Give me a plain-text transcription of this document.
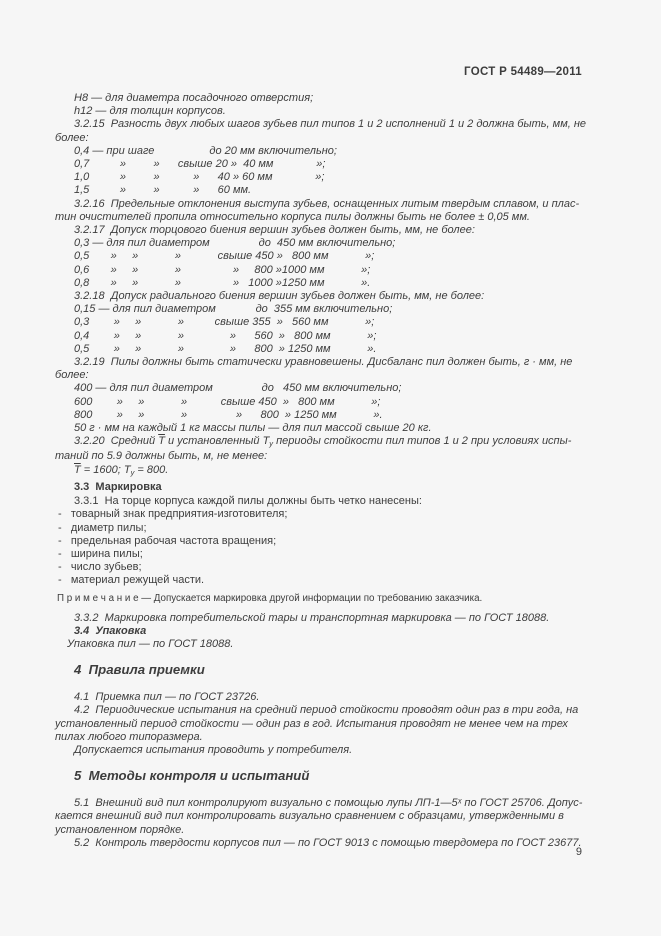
ГОСТ Р 54489—2011
H8 — для диаметра посадочного отверстия;
h12 — для толщин корпусов.
3.2.15  Разность двух любых шагов зубьев пил типов 1 и 2 исполнений 1 и 2 должна быть, мм, не
более:
0,4 — при шаге                  до 20 мм включительно;
0,7          »         »      свыше 20 »  40 мм              »;
1,0          »         »           »      40 » 60 мм              »;
1,5          »         »           »      60 мм.
3.2.16  Предельные отклонения выступа зубьев, оснащенных литым твердым сплавом, и плас-
тин очистителей пропила относительно корпуса пилы должны быть не более ± 0,05 мм.
3.2.17  Допуск торцового биения вершин зубьев должен быть, мм, не более:
0,3 — для пил диаметром                до  450 мм включительно;
0,5       »     »            »            свыше 450 »   800 мм            »;
0,6       »     »            »                 »     800 »1000 мм            »;
0,8       »     »            »                 »   1000 »1250 мм            ».
3.2.18  Допуск радиального биения вершин зубьев должен быть, мм, не более:
0,15 — для пил диаметром             до  355 мм включительно;
0,3        »     »            »          свыше 355  »   560 мм            »;
0,4        »     »            »               »      560  »   800 мм            »;
0,5        »     »            »               »      800  » 1250 мм            ».
3.2.19  Пилы должны быть статически уравновешены. Дисбаланс пил должен быть, г · мм, не
более:
400 — для пил диаметром                до   450 мм включительно;
600        »     »            »           свыше 450  »   800 мм            »;
800        »     »            »                »      800  » 1250 мм            ».
50 г · мм на каждый 1 кг массы пилы — для пил массой свыше 20 кг.
3.2.20  Средний $\overline{T}$ и установленный $T_у$ периоды стойкости пил типов 1 и 2 при условиях испы-
таний по 5.9 должны быть, м, не менее:
$\overline{T} = 1600$; $T_у = 800$.
3.3  Маркировка
3.3.1  На торце корпуса каждой пилы должны быть четко нанесены:
-   товарный знак предприятия-изготовителя;
-   диаметр пилы;
-   предельная рабочая частота вращения;
-   ширина пилы;
-   число зубьев;
-   материал режущей части.
П р и м е ч а н и е — Допускается маркировка другой информации по требованию заказчика.
3.3.2  Маркировка потребительской тары и транспортная маркировка — по ГОСТ 18088.
3.4  Упаковка
Упаковка пил — по ГОСТ 18088.
4  Правила приемки
4.1  Приемка пил — по ГОСТ 23726.
4.2  Периодические испытания на средний период стойкости проводят один раз в три года, на
установленный период стойкости — один раз в год. Испытания проводят не менее чем на трех
пилах любого типоразмера.
Допускается испытания проводить у потребителя.
5  Методы контроля и испытаний
5.1  Внешний вид пил контролируют визуально с помощью лупы ЛП-1—5ˣ по ГОСТ 25706. Допус-
кается внешний вид пил контролировать визуально сравнением с образцами, утвержденными в
установленном порядке.
5.2  Контроль твердости корпусов пил — по ГОСТ 9013 с помощью твердомера по ГОСТ 23677.
9
